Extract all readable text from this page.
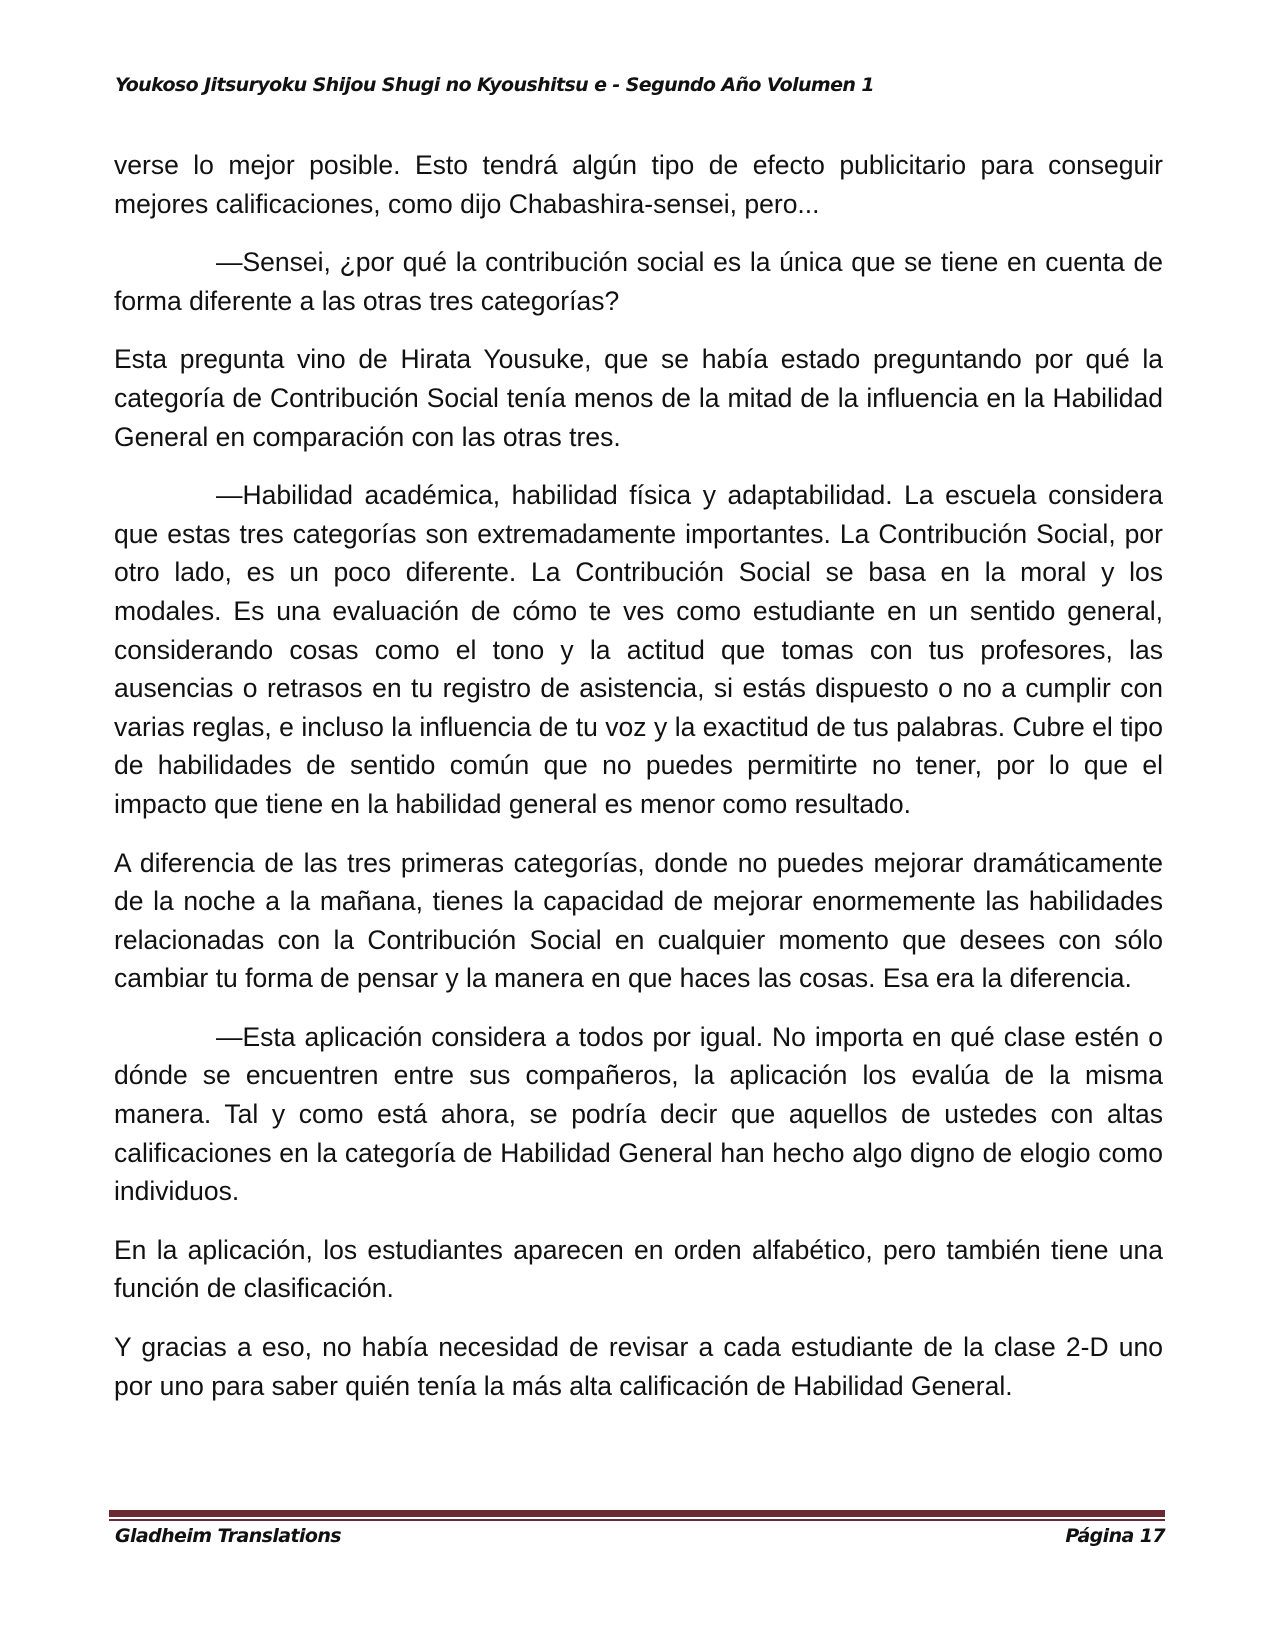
Youkoso Jitsuryoku Shijou Shugi no Kyoushitsu e - Segundo Año Volumen 1

verse lo mejor posible. Esto tendrá algún tipo de efecto publicitario para conseguir mejores calificaciones, como dijo Chabashira-sensei, pero...

—Sensei, ¿por qué la contribución social es la única que se tiene en cuenta de forma diferente a las otras tres categorías?

Esta pregunta vino de Hirata Yousuke, que se había estado preguntando por qué la categoría de Contribución Social tenía menos de la mitad de la influencia en la Habilidad General en comparación con las otras tres.

—Habilidad académica, habilidad física y adaptabilidad. La escuela considera que estas tres categorías son extremadamente importantes. La Contribución Social, por otro lado, es un poco diferente. La Contribución Social se basa en la moral y los modales. Es una evaluación de cómo te ves como estudiante en un sentido general, considerando cosas como el tono y la actitud que tomas con tus profesores, las ausencias o retrasos en tu registro de asistencia, si estás dispuesto o no a cumplir con varias reglas, e incluso la influencia de tu voz y la exactitud de tus palabras. Cubre el tipo de habilidades de sentido común que no puedes permitirte no tener, por lo que el impacto que tiene en la habilidad general es menor como resultado.

A diferencia de las tres primeras categorías, donde no puedes mejorar dramáticamente de la noche a la mañana, tienes la capacidad de mejorar enormemente las habilidades relacionadas con la Contribución Social en cualquier momento que desees con sólo cambiar tu forma de pensar y la manera en que haces las cosas. Esa era la diferencia.

—Esta aplicación considera a todos por igual. No importa en qué clase estén o dónde se encuentren entre sus compañeros, la aplicación los evalúa de la misma manera. Tal y como está ahora, se podría decir que aquellos de ustedes con altas calificaciones en la categoría de Habilidad General han hecho algo digno de elogio como individuos.

En la aplicación, los estudiantes aparecen en orden alfabético, pero también tiene una función de clasificación.

Y gracias a eso, no había necesidad de revisar a cada estudiante de la clase 2-D uno por uno para saber quién tenía la más alta calificación de Habilidad General.

Gladheim Translations	Página 17
